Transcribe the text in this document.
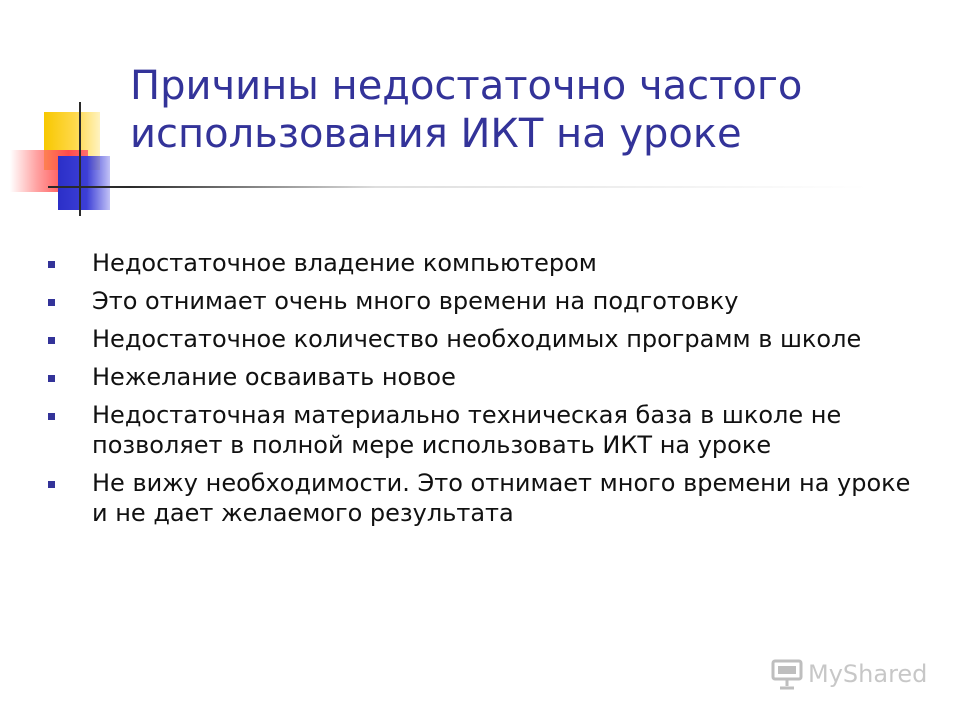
Причины недостаточно частого использования ИКТ на уроке
Недостаточное владение компьютером
Это отнимает очень много времени на подготовку
Недостаточное количество необходимых программ в школе
Нежелание осваивать новое
Недостаточная материально техническая база в школе не позволяет в полной мере использовать ИКТ на уроке
Не вижу необходимости. Это отнимает много времени на уроке и не дает желаемого результата
MyShared
